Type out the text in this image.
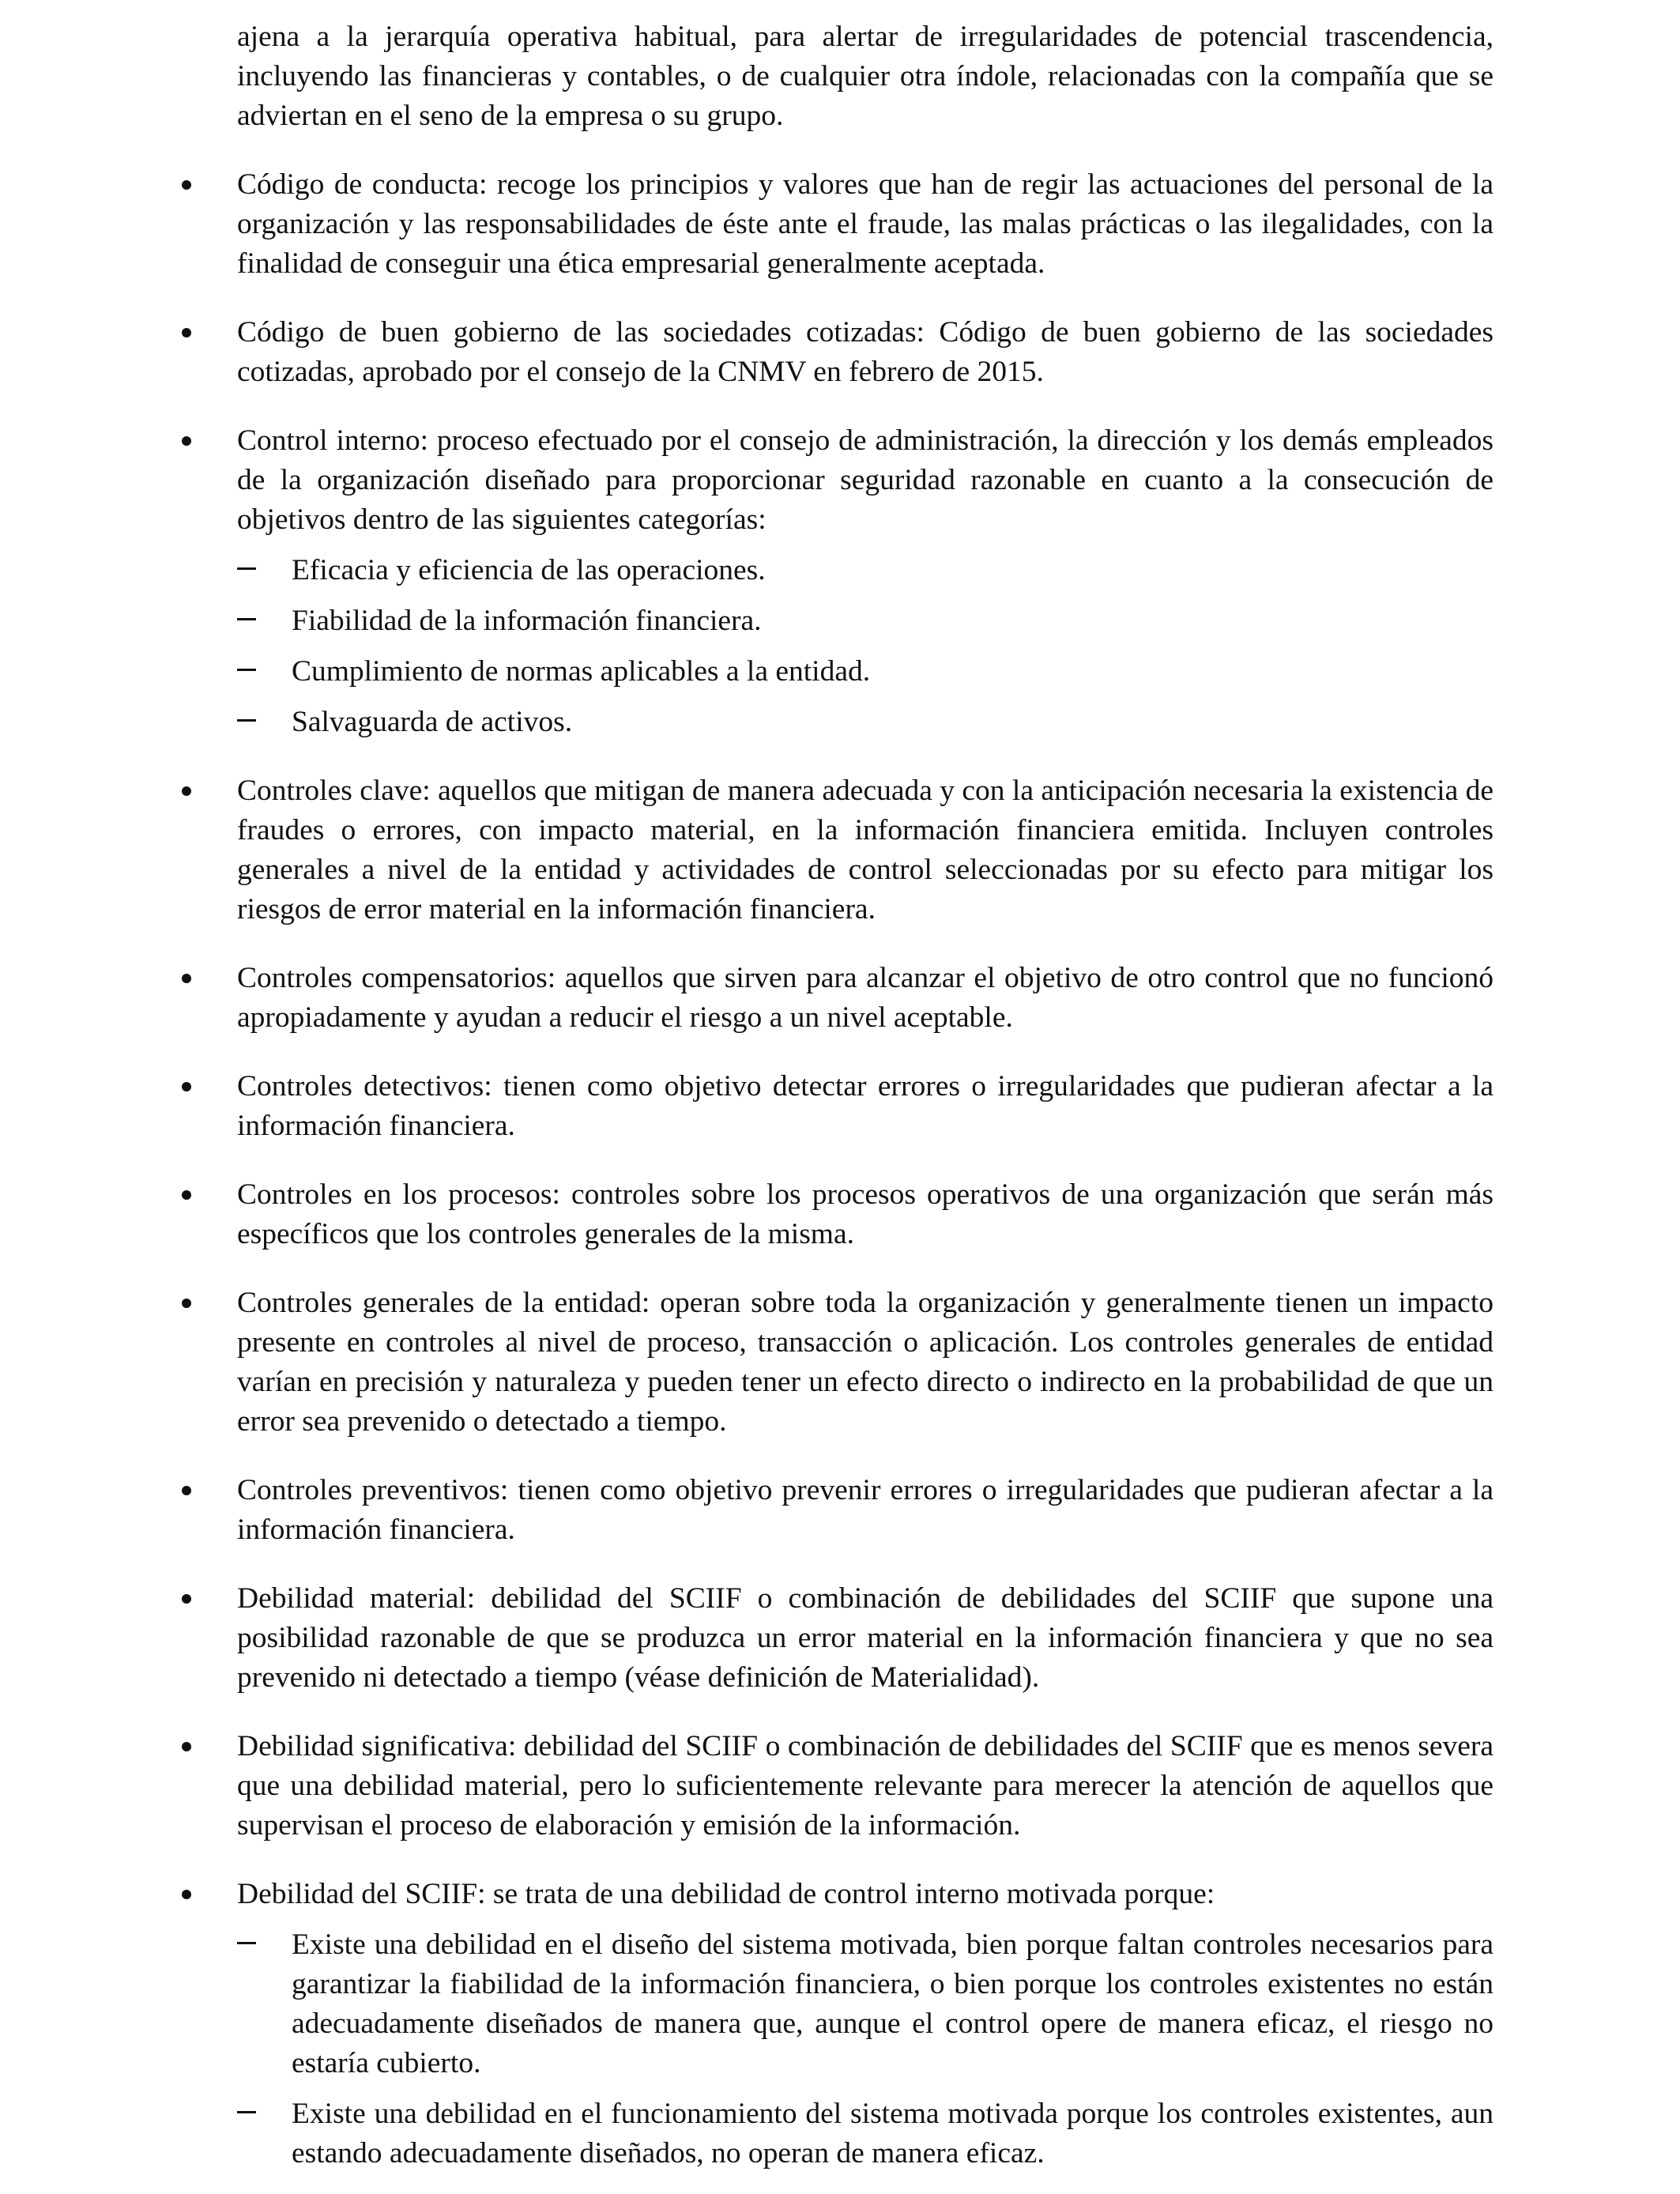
ajena a la jerarquía operativa habitual, para alertar de irregularidades de potencial trascendencia, incluyendo las financieras y contables, o de cualquier otra índole, relacionadas con la compañía que se adviertan en el seno de la empresa o su grupo.

Código de conducta: recoge los principios y valores que han de regir las actuaciones del personal de la organización y las responsabilidades de éste ante el fraude, las malas prácticas o las ilegalidades, con la finalidad de conseguir una ética empresarial generalmente aceptada.

Código de buen gobierno de las sociedades cotizadas: Código de buen gobierno de las sociedades cotizadas, aprobado por el consejo de la CNMV en febrero de 2015.

Control interno: proceso efectuado por el consejo de administración, la dirección y los demás empleados de la organización diseñado para proporcionar seguridad razonable en cuanto a la consecución de objetivos dentro de las siguientes categorías:

Eficacia y eficiencia de las operaciones.

Fiabilidad de la información financiera.

Cumplimiento de normas aplicables a la entidad.

Salvaguarda de activos.

Controles clave: aquellos que mitigan de manera adecuada y con la anticipación necesaria la existencia de fraudes o errores, con impacto material, en la información financiera emitida. Incluyen controles generales a nivel de la entidad y actividades de control seleccionadas por su efecto para mitigar los riesgos de error material en la información financiera.

Controles compensatorios: aquellos que sirven para alcanzar el objetivo de otro control que no funcionó apropiadamente y ayudan a reducir el riesgo a un nivel aceptable.

Controles detectivos: tienen como objetivo detectar errores o irregularidades que pudieran afectar a la información financiera.

Controles en los procesos: controles sobre los procesos operativos de una organización que serán más específicos que los controles generales de la misma.

Controles generales de la entidad: operan sobre toda la organización y generalmente tienen un impacto presente en controles al nivel de proceso, transacción o aplicación. Los controles generales de entidad varían en precisión y naturaleza y pueden tener un efecto directo o indirecto en la probabilidad de que un error sea prevenido o detectado a tiempo.

Controles preventivos: tienen como objetivo prevenir errores o irregularidades que pudieran afectar a la información financiera.

Debilidad material: debilidad del SCIIF o combinación de debilidades del SCIIF que supone una posibilidad razonable de que se produzca un error material en la información financiera y que no sea prevenido ni detectado a tiempo (véase definición de Materialidad).

Debilidad significativa: debilidad del SCIIF o combinación de debilidades del SCIIF que es menos severa que una debilidad material, pero lo suficientemente relevante para merecer la atención de aquellos que supervisan el proceso de elaboración y emisión de la información.

Debilidad del SCIIF: se trata de una debilidad de control interno motivada porque:

Existe una debilidad en el diseño del sistema motivada, bien porque faltan controles necesarios para garantizar la fiabilidad de la información financiera, o bien porque los controles existentes no están adecuadamente diseñados de manera que, aunque el control opere de manera eficaz, el riesgo no estaría cubierto.

Existe una debilidad en el funcionamiento del sistema motivada porque los controles existentes, aun estando adecuadamente diseñados, no operan de manera eficaz.
